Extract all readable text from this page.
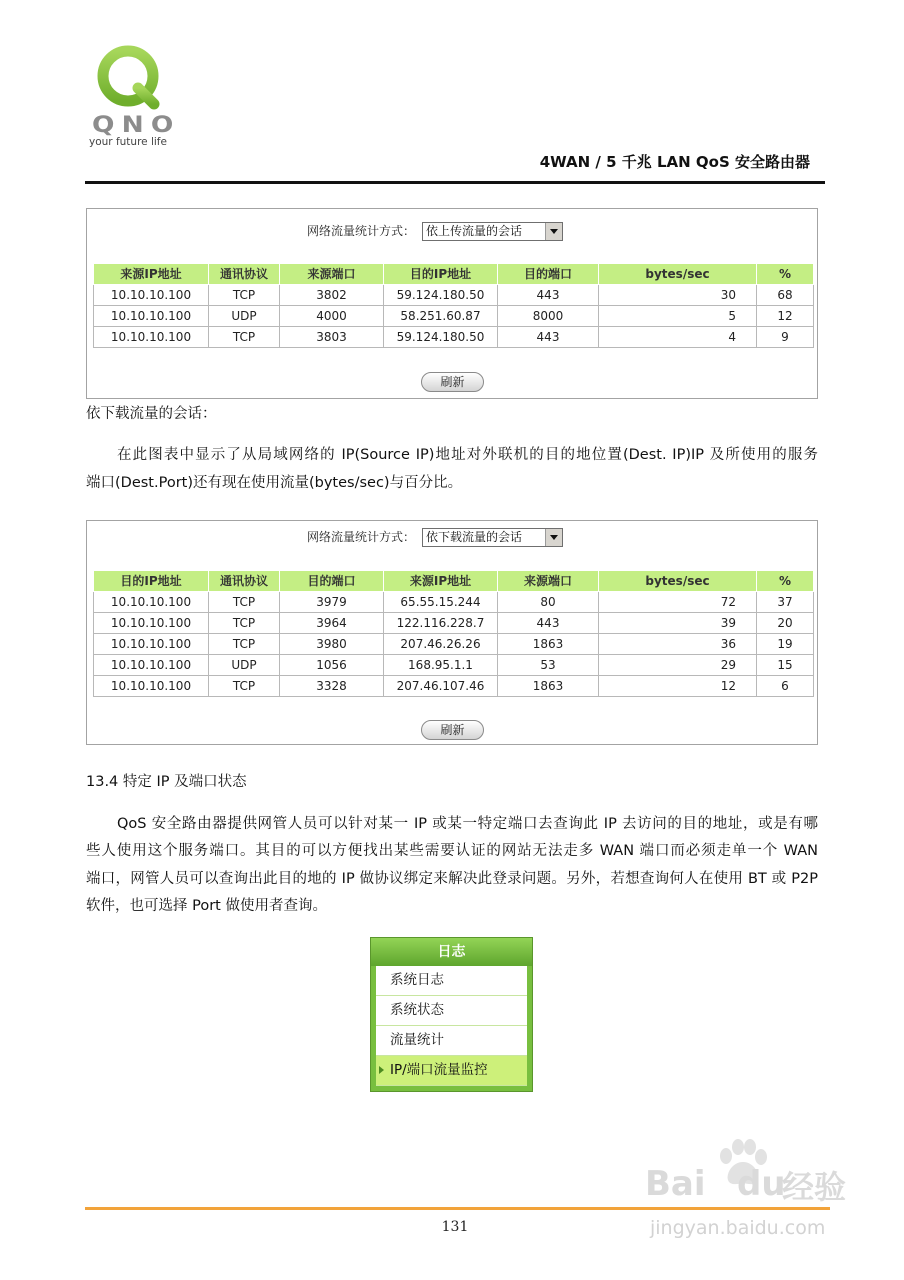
QNO
your future life
4WAN / 5 千兆 LAN QoS 安全路由器
网络流量统计方式： 依上传流量的会话
来源IP地址	通讯协议	来源端口	目的IP地址	目的端口	bytes/sec	%
10.10.10.100	TCP	3802	59.124.180.50	443	30	68
10.10.10.100	UDP	4000	58.251.60.87	8000	5	12
10.10.10.100	TCP	3803	59.124.180.50	443	4	9
刷新
依下载流量的会话：
在此图表中显示了从局域网络的 IP(Source IP)地址对外联机的目的地位置(Dest. IP)IP 及所使用的服务
端口(Dest.Port)还有现在使用流量(bytes/sec)与百分比。
网络流量统计方式： 依下载流量的会话
目的IP地址	通讯协议	目的端口	来源IP地址	来源端口	bytes/sec	%
10.10.10.100	TCP	3979	65.55.15.244	80	72	37
10.10.10.100	TCP	3964	122.116.228.7	443	39	20
10.10.10.100	TCP	3980	207.46.26.26	1863	36	19
10.10.10.100	UDP	1056	168.95.1.1	53	29	15
10.10.10.100	TCP	3328	207.46.107.46	1863	12	6
刷新
13.4 特定 IP 及端口状态
QoS 安全路由器提供网管人员可以针对某一 IP 或某一特定端口去查询此 IP 去访问的目的地址，或是有哪
些人使用这个服务端口。其目的可以方便找出某些需要认证的网站无法走多 WAN 端口而必须走单一个 WAN
端口，网管人员可以查询出此目的地的 IP 做协议绑定来解决此登录问题。另外，若想查询何人在使用 BT 或 P2P
软件，也可选择 Port 做使用者查询。
日志
系统日志
系统状态
流量统计
IP/端口流量监控
131
Bai du
经验
jingyan.baidu.com
